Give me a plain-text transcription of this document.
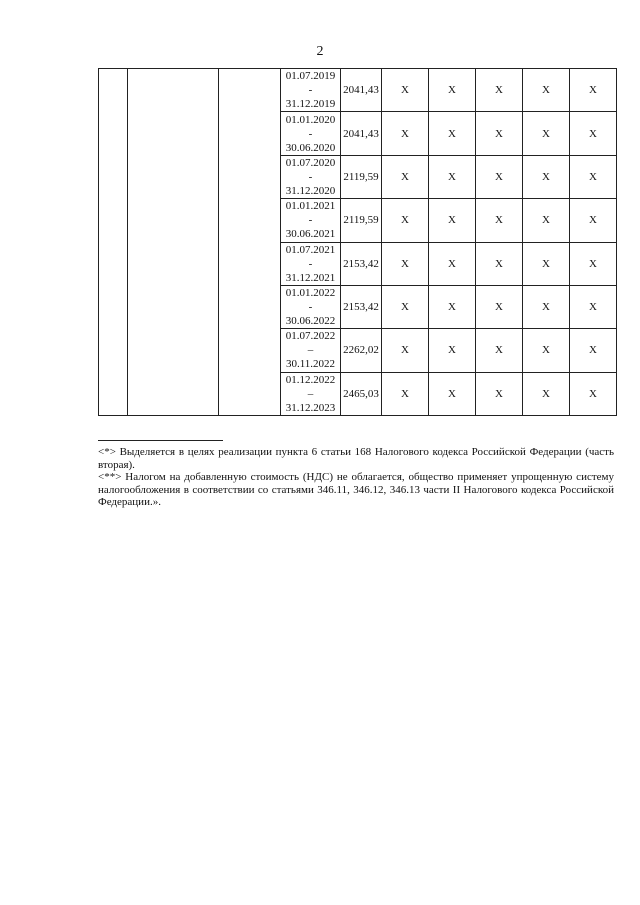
2

			01.07.2019
-
31.12.2019	2041,43	X	X	X	X	X

			01.01.2020
-
30.06.2020	2041,43	X	X	X	X	X

			01.07.2020
-
31.12.2020	2119,59	X	X	X	X	X

			01.01.2021
-
30.06.2021	2119,59	X	X	X	X	X

			01.07.2021
-
31.12.2021	2153,42	X	X	X	X	X

			01.01.2022
-
30.06.2022	2153,42	X	X	X	X	X

			01.07.2022
–
30.11.2022	2262,02	X	X	X	X	X

			01.12.2022
–
31.12.2023	2465,03	X	X	X	X	X

<*> Выделяется в целях реализации пункта 6 статьи 168 Налогового кодекса Российской Федерации (часть вторая).

<**> Налогом на добавленную стоимость (НДС) не облагается, общество применяет упрощенную систему налогообложения в соответствии со статьями 346.11, 346.12, 346.13 части II Налогового кодекса Российской Федерации.».
